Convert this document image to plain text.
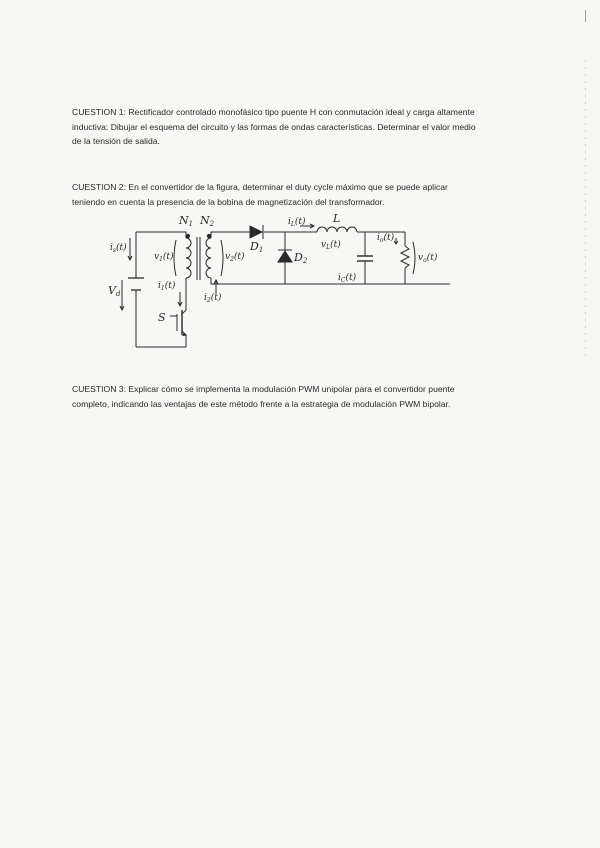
CUESTION 1: Rectificador controlado monofásico tipo puente H con conmutación ideal y carga altamente inductiva: Dibujar el esquema del circuito y las formas de ondas características. Determinar el valor medio de la tensión de salida.

CUESTION 2: En el convertidor de la figura, determinar el duty cycle máximo que se puede aplicar teniendo en cuenta la presencia de la bobina de magnetización del transformador.

N1 N2
D1
D2
L
$i_s(t)$
Vd
$v_1(t)$	$v_2(t)$
$i_1(t)$
$i_2(t)$
S
$i_L(t)$
$v_L(t)$
$i_o(t)$
$i_C(t)$
$v_o(t)$

CUESTION 3: Explicar cómo se implementa la modulación PWM unipolar para el convertidor puente completo, indicando las ventajas de este método frente a la estrategia de modulación PWM bipolar.
